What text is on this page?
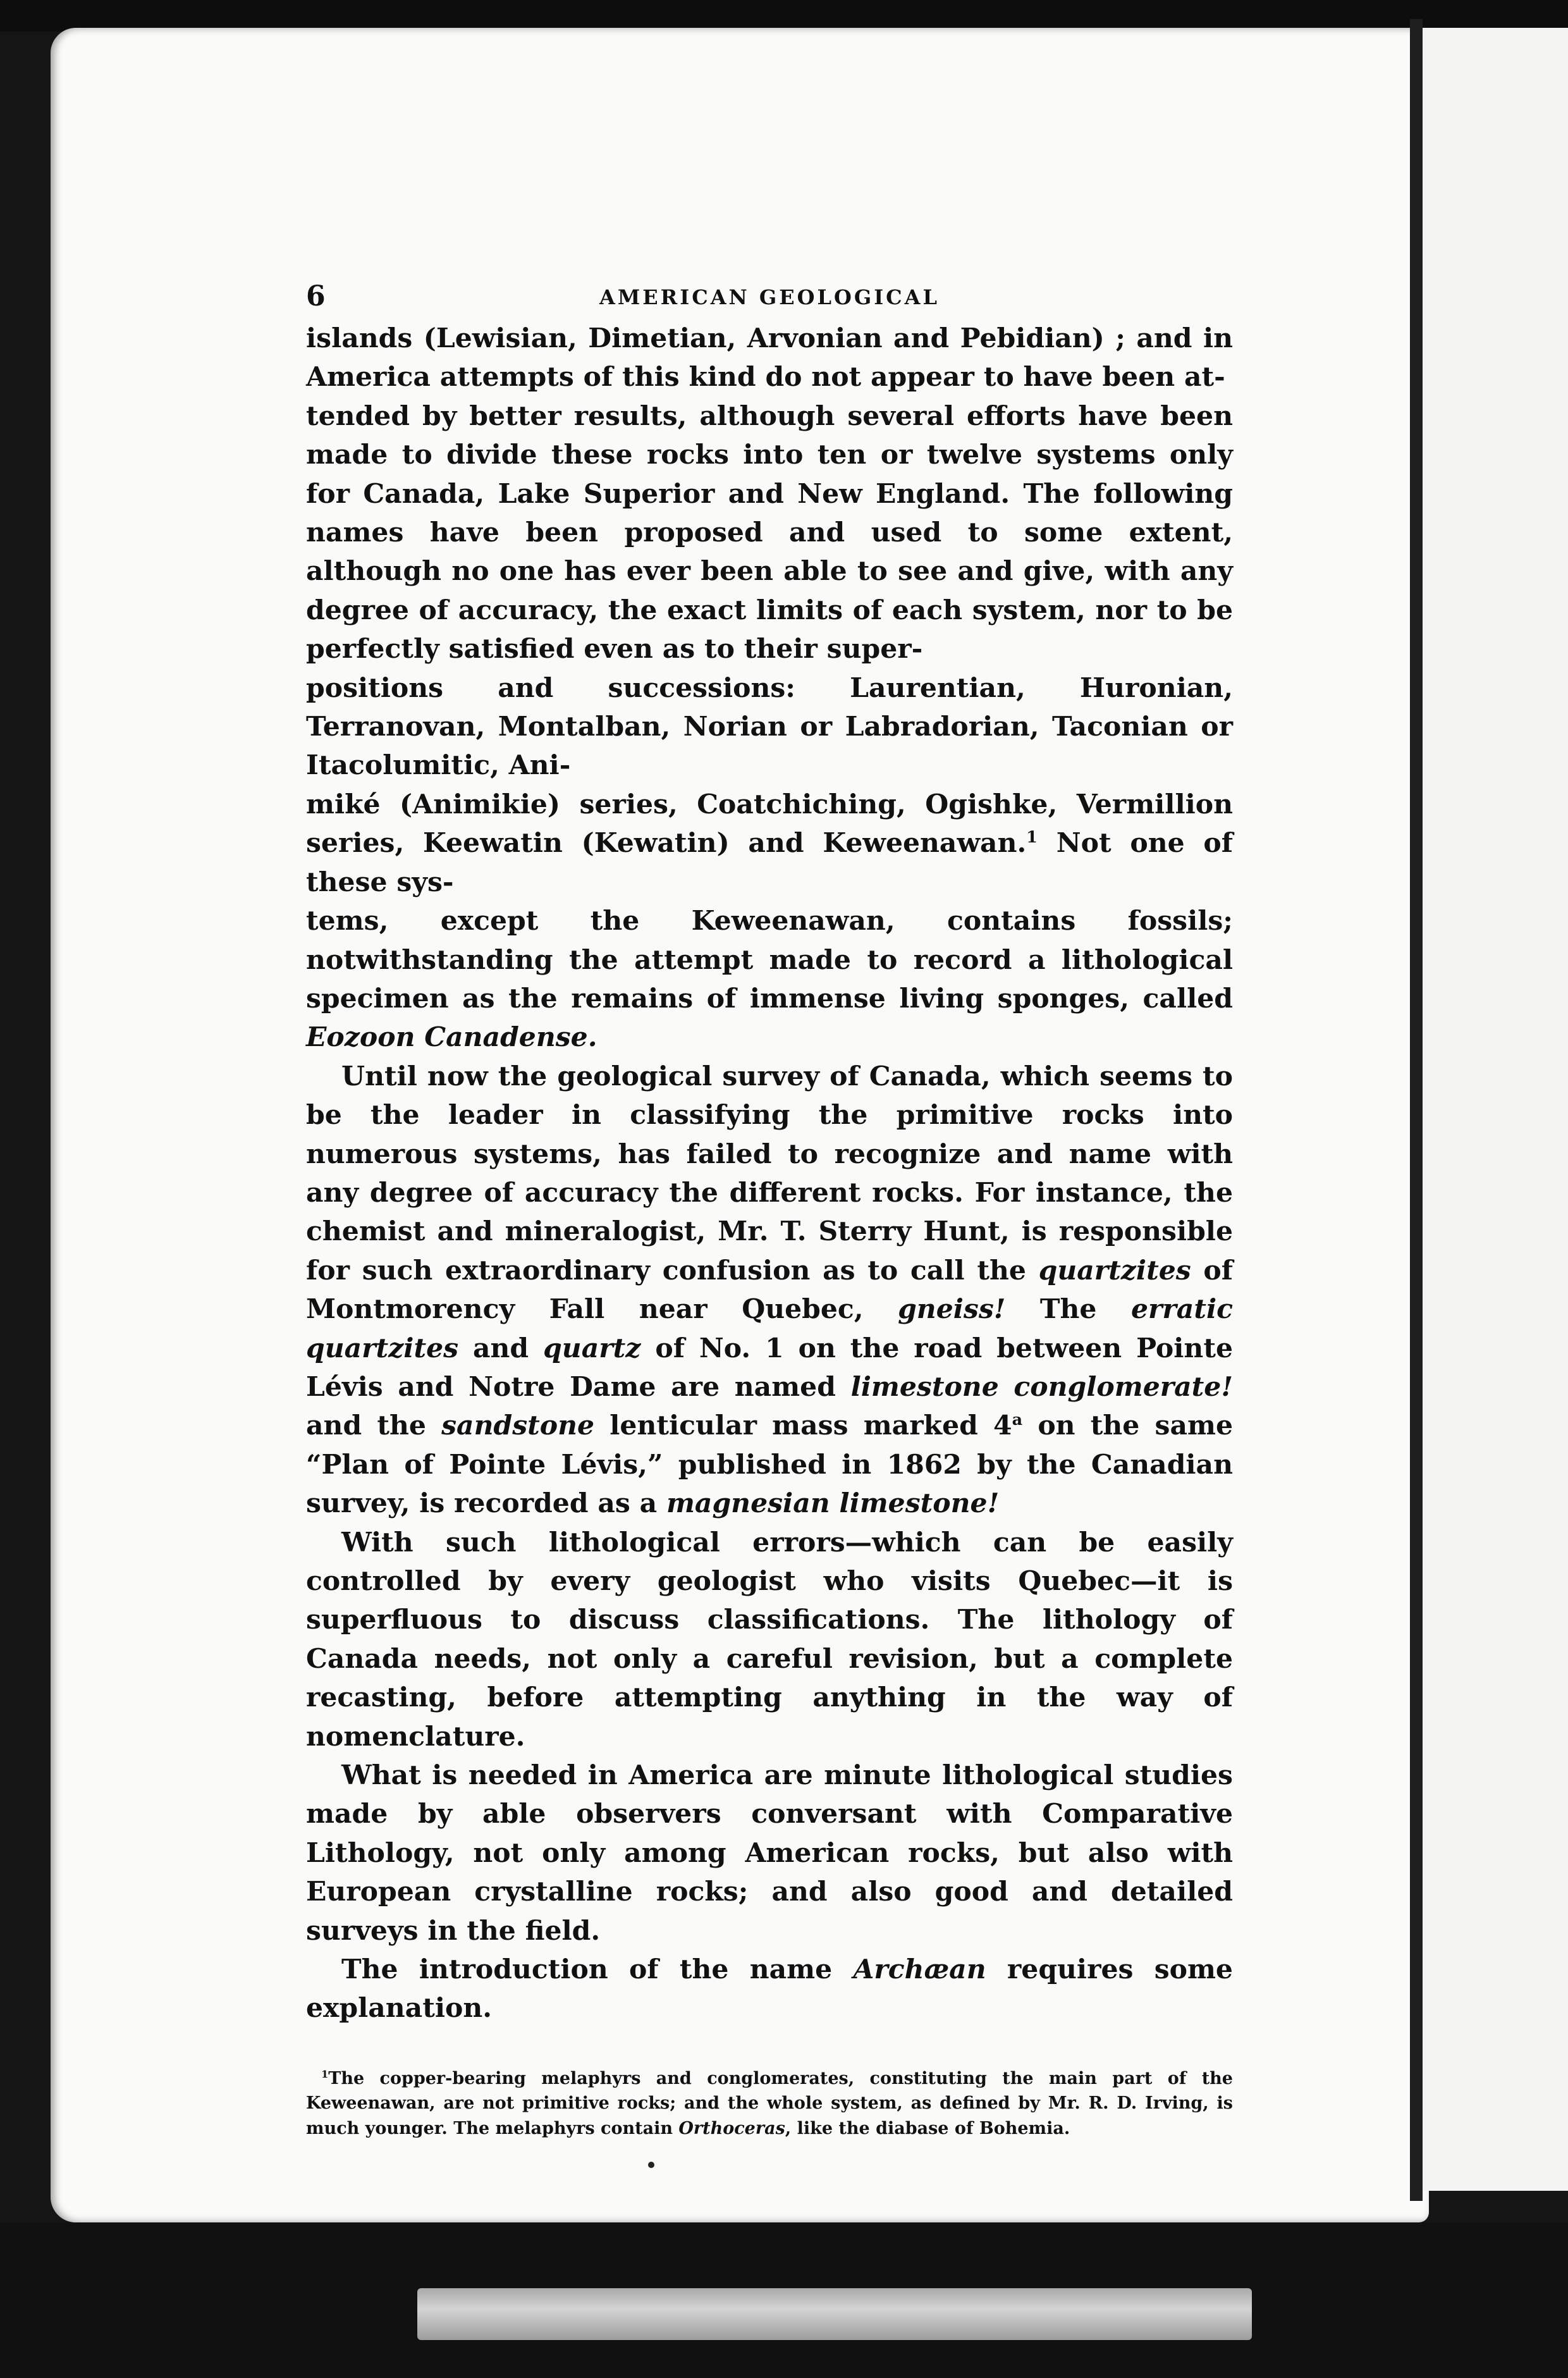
6	AMERICAN GEOLOGICAL

islands (Lewisian, Dimetian, Arvonian and Pebidian) ; and in America attempts of this kind do not appear to have been at-
tended by better results, although several efforts have been made to divide these rocks into ten or twelve systems only for Canada, Lake Superior and New England. The following names have been proposed and used to some extent, although no one has ever been able to see and give, with any degree of accuracy, the exact limits of each system, nor to be perfectly satisfied even as to their super-
positions and successions: Laurentian, Huronian, Terranovan, Montalban, Norian or Labradorian, Taconian or Itacolumitic, Ani-
miké (Animikie) series, Coatchiching, Ogishke, Vermillion series, Keewatin (Kewatin) and Keweenawan.$^1$ Not one of these sys-
tems, except the Keweenawan, contains fossils; notwithstanding the attempt made to record a lithological specimen as the remains of immense living sponges, called Eozoon Canadense.

Until now the geological survey of Canada, which seems to be the leader in classifying the primitive rocks into numerous systems, has failed to recognize and name with any degree of accuracy the different rocks. For instance, the chemist and mineralogist, Mr. T. Sterry Hunt, is responsible for such extraordinary confusion as to call the quartzites of Montmorency Fall near Quebec, gneiss! The erratic quartzites and quartz of No. 1 on the road between Pointe Lévis and Notre Dame are named limestone conglomerate! and the sandstone lenticular mass marked 4$^a$ on the same “Plan of Pointe Lévis,” published in 1862 by the Canadian survey, is recorded as a magnesian limestone!

With such lithological errors—which can be easily controlled by every geologist who visits Quebec—it is superfluous to discuss classifications. The lithology of Canada needs, not only a careful revision, but a complete recasting, before attempting anything in the way of nomenclature.

What is needed in America are minute lithological studies made by able observers conversant with Comparative Lithology, not only among American rocks, but also with European crystalline rocks; and also good and detailed surveys in the field.

The introduction of the name Archæan requires some explanation.

$^1$The copper-bearing melaphyrs and conglomerates, constituting the main part of the Keweenawan, are not primitive rocks; and the whole system, as defined by Mr. R. D. Irving, is much younger. The melaphyrs contain Orthoceras, like the diabase of Bohemia.
